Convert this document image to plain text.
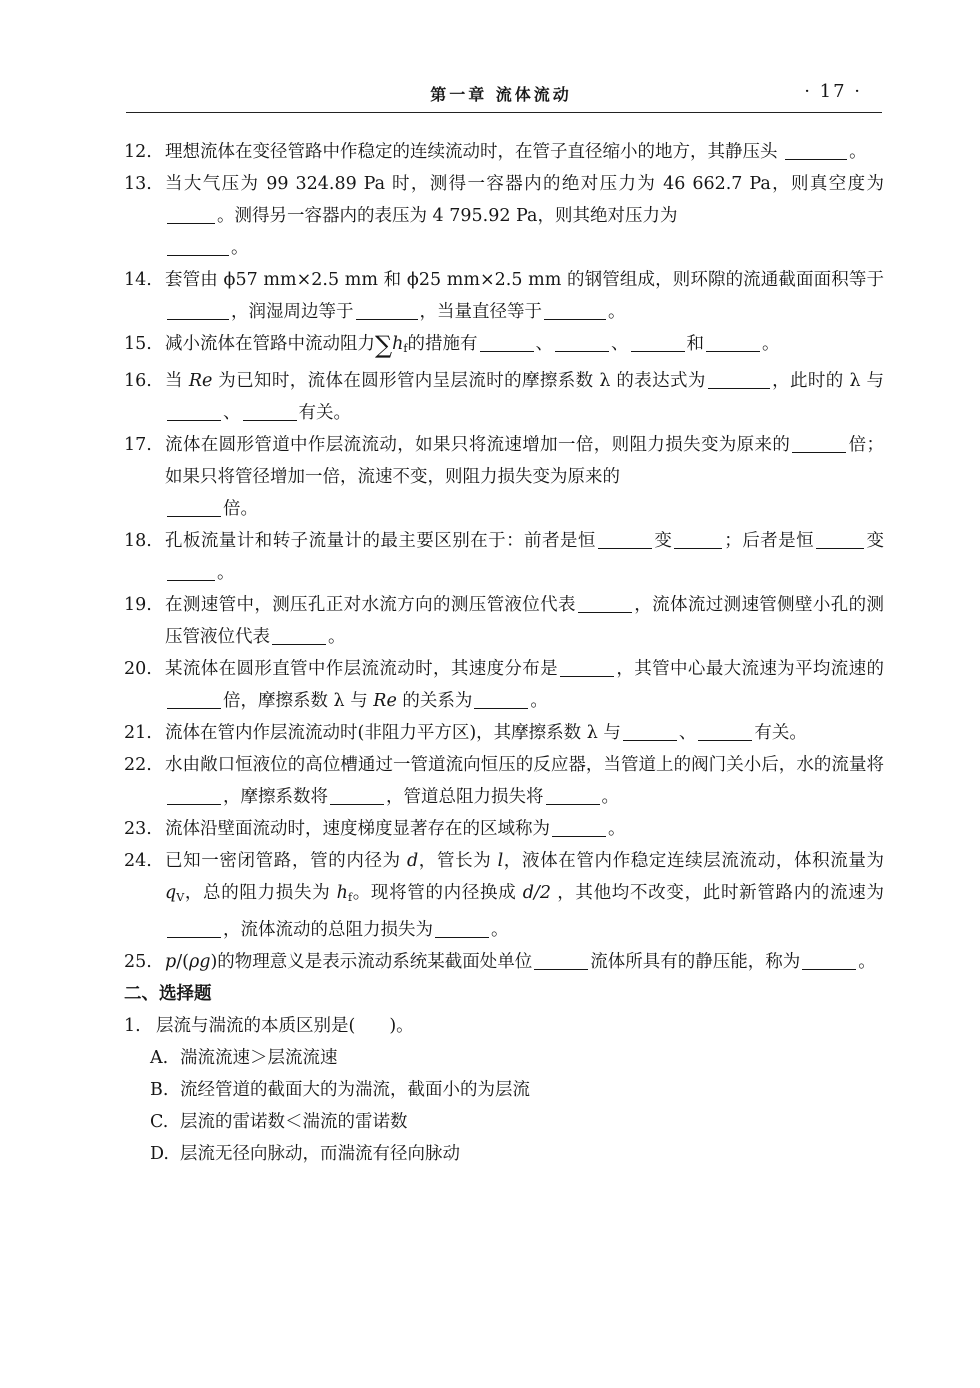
第一章 流体流动	· 17 ·
12. 理想流体在变径管路中作稳定的连续流动时，在管子直径缩小的地方，其静压头	。
13. 当大气压为 99 324.89 Pa 时，测得一容器内的绝对压力为 46 662.7 Pa，则真空度为。测得另一容器内的表压为 4 795.92 Pa，则其绝对压力为
。
14. 套管由 ϕ57 mm×2.5 mm 和 ϕ25 mm×2.5 mm 的钢管组成，则环隙的流通截面面积等于，润湿周边等于	，当量直径等于	。
15. 减小流体在管路中流动阻力$\sum h_f$的措施有	、	、	和	。
16. 当 Re 为已知时，流体在圆形管内呈层流时的摩擦系数 λ 的表达式为	，此时的 λ 与、	有关。
17. 流体在圆形管道中作层流流动，如果只将流速增加一倍，则阻力损失变为原来的	倍；如果只将管径增加一倍，流速不变，则阻力损失变为原来的
倍。
18. 孔板流量计和转子流量计的最主要区别在于：前者是恒	变	；后者是恒	变。
19. 在测速管中，测压孔正对水流方向的测压管液位代表	，流体流过测速管侧壁小孔的测压管液位代表	。
20. 某流体在圆形直管中作层流流动时，其速度分布是	，其管中心最大流速为平均流速的倍，摩擦系数 λ 与 Re 的关系为	。
21. 流体在管内作层流流动时(非阻力平方区)，其摩擦系数 λ 与	、	有关。
22. 水由敞口恒液位的高位槽通过一管道流向恒压的反应器，当管道上的阀门关小后，水的流量将，摩擦系数将	，管道总阻力损失将	。
23. 流体沿壁面流动时，速度梯度显著存在的区域称为	。
24. 已知一密闭管路，管的内径为 d，管长为 l，液体在管内作稳定连续层流流动，体积流量为 $q_V$，总的阻力损失为 $h_f$。现将管的内径换成 d/2 ，其他均不改变，此时新管路内的流速为，流体流动的总阻力损失为	。
25. p/(ρg)的物理意义是表示流动系统某截面处单位	流体所具有的静压能，称为	。
二、选择题
1. 层流与湍流的本质区别是( )。
A. 湍流流速＞层流流速
B. 流经管道的截面大的为湍流，截面小的为层流
C. 层流的雷诺数＜湍流的雷诺数
D. 层流无径向脉动，而湍流有径向脉动
